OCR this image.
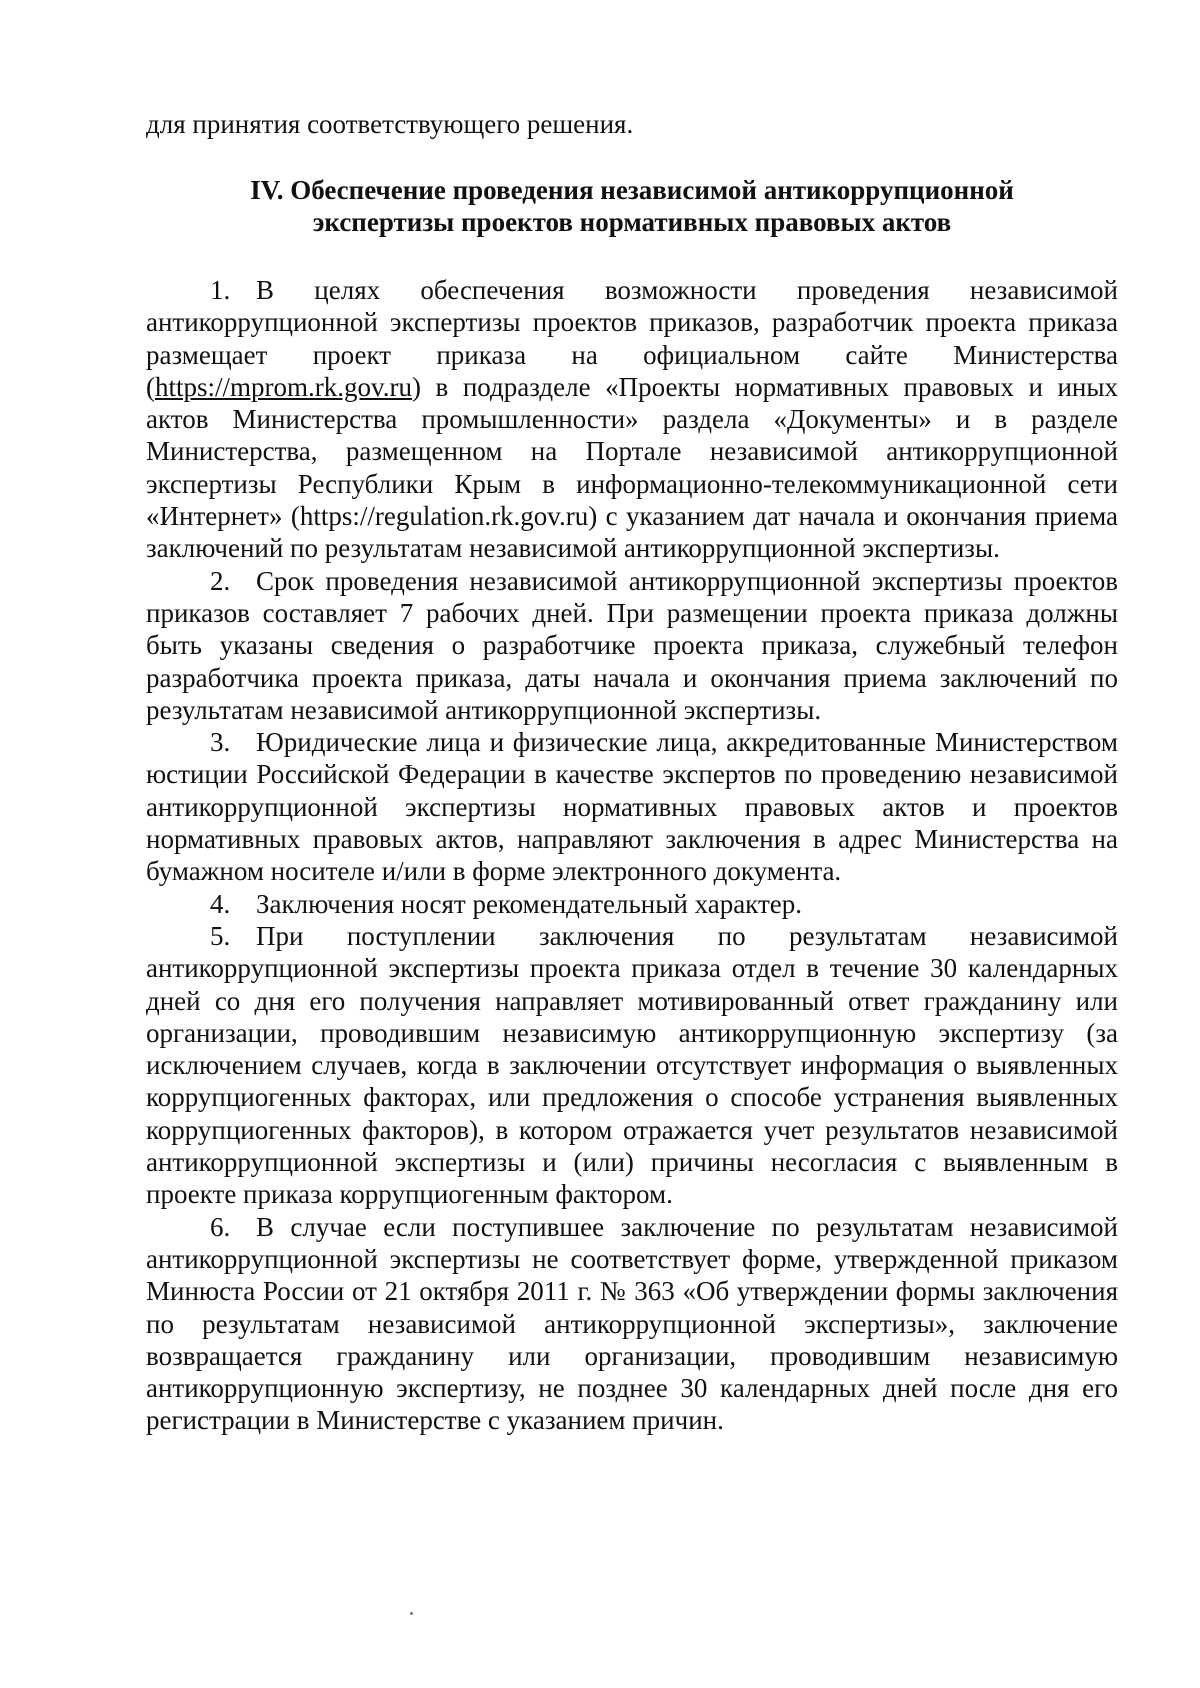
для принятия соответствующего решения.

IV. Обеспечение проведения независимой антикоррупционной
экспертизы проектов нормативных правовых актов

1. В целях обеспечения возможности проведения независимой антикоррупционной экспертизы проектов приказов, разработчик проекта приказа размещает проект приказа на официальном сайте Министерства (https://mprom.rk.gov.ru) в подразделе «Проекты нормативных правовых и иных актов Министерства промышленности» раздела «Документы» и в разделе Министерства, размещенном на Портале независимой антикоррупционной экспертизы Республики Крым в информационно-телекоммуникационной сети «Интернет» (https://regulation.rk.gov.ru) с указанием дат начала и окончания приема заключений по результатам независимой антикоррупционной экспертизы.

2. Срок проведения независимой антикоррупционной экспертизы проектов приказов составляет 7 рабочих дней. При размещении проекта приказа должны быть указаны сведения о разработчике проекта приказа, служебный телефон разработчика проекта приказа, даты начала и окончания приема заключений по результатам независимой антикоррупционной экспертизы.

3. Юридические лица и физические лица, аккредитованные Министерством юстиции Российской Федерации в качестве экспертов по проведению независимой антикоррупционной экспертизы нормативных правовых актов и проектов нормативных правовых актов, направляют заключения в адрес Министерства на бумажном носителе и/или в форме электронного документа.

4. Заключения носят рекомендательный характер.

5. При поступлении заключения по результатам независимой антикоррупционной экспертизы проекта приказа отдел в течение 30 календарных дней со дня его получения направляет мотивированный ответ гражданину или организации, проводившим независимую антикоррупционную экспертизу (за исключением случаев, когда в заключении отсутствует информация о выявленных коррупциогенных факторах, или предложения о способе устранения выявленных коррупциогенных факторов), в котором отражается учет результатов независимой антикоррупционной экспертизы и (или) причины несогласия с выявленным в проекте приказа коррупциогенным фактором.

6. В случае если поступившее заключение по результатам независимой антикоррупционной экспертизы не соответствует форме, утвержденной приказом Минюста России от 21 октября 2011 г. № 363 «Об утверждении формы заключения по результатам независимой антикоррупционной экспертизы», заключение возвращается гражданину или организации, проводившим независимую антикоррупционную экспертизу, не позднее 30 календарных дней после дня его регистрации в Министерстве с указанием причин.
